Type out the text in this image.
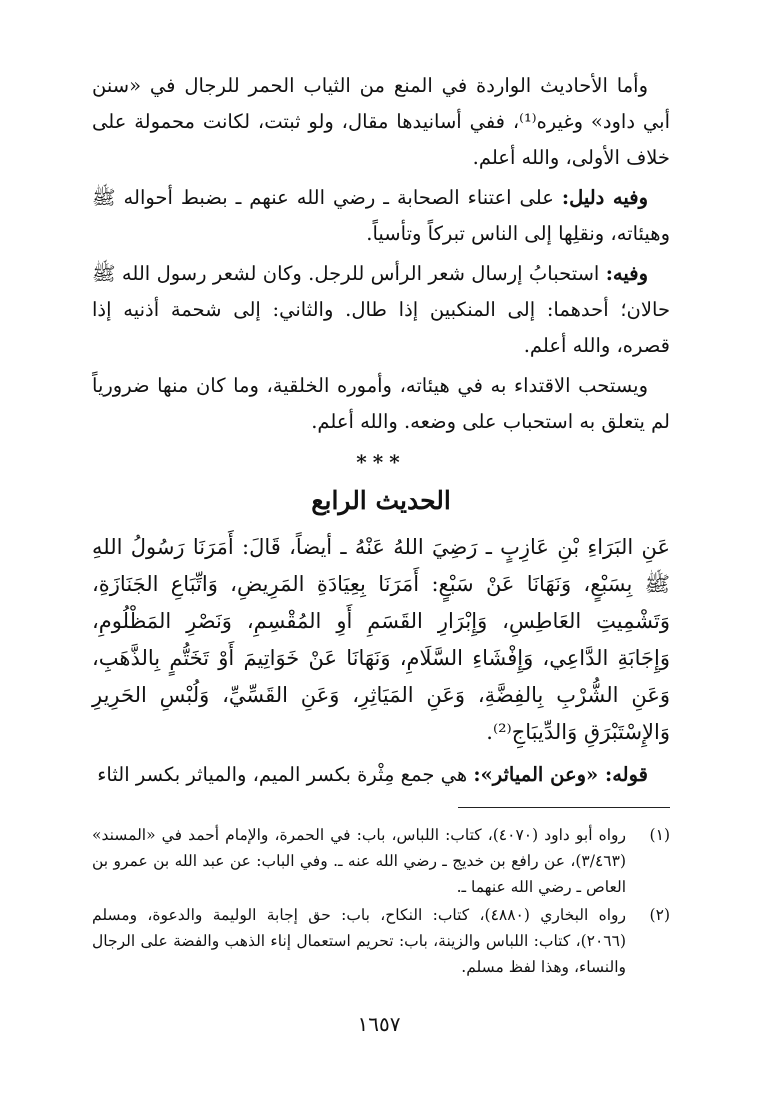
وأما الأحاديث الواردة في المنع من الثياب الحمر للرجال في «سنن أبي داود» وغيره⁽¹⁾، ففي أسانيدها مقال، ولو ثبتت، لكانت محمولة على خلاف الأولى، والله أعلم.

وفيه دليل: على اعتناء الصحابة ـ رضي الله عنهم ـ بضبط أحواله ﷺ وهيئاته، ونقلِها إلى الناس تبركاً وتأسياً.

وفيه: استحبابُ إرسال شعر الرأس للرجل. وكان لشعر رسول الله ﷺ حالان؛ أحدهما: إلى المنكبين إذا طال. والثاني: إلى شحمة أذنيه إذا قصره، والله أعلم.

ويستحب الاقتداء به في هيئاته، وأموره الخلقية، وما كان منها ضرورياً لم يتعلق به استحباب على وضعه. والله أعلم.

***
الحديث الرابع

عَنِ البَرَاءِ بْنِ عَازِبٍ ـ رَضِيَ اللهُ عَنْهُ ـ أيضاً، قَالَ: أَمَرَنَا رَسُولُ اللهِ ﷺ بِسَبْعٍ، وَنَهَانَا عَنْ سَبْعٍ: أَمَرَنَا بِعِيَادَةِ المَرِيضِ، وَاتِّبَاعِ الجَنَازَةِ، وَتَشْمِيتِ العَاطِسِ، وَإِبْرَارِ القَسَمِ أَوِ المُقْسِمِ، وَنَصْرِ المَظْلُومِ، وَإِجَابَةِ الدَّاعِي، وَإِفْشَاءِ السَّلَامِ، وَنَهَانَا عَنْ خَوَاتِيمَ أَوْ تَخَتُّمٍ بِالذَّهَبِ، وَعَنِ الشُّرْبِ بِالفِضَّةِ، وَعَنِ المَيَاثِرِ، وَعَنِ القَسِّيِّ، وَلُبْسِ الحَرِيرِ وَالإِسْتَبْرَقِ وَالدِّيبَاجِ⁽²⁾.

قوله: «وعن المياثر»: هي جمع مِثْرة بكسر الميم، والمياثر بكسر الثاء

(١)
رواه أبو داود (٤٠٧٠)، كتاب: اللباس، باب: في الحمرة، والإمام أحمد في «المسند» (٣/٤٦٣)، عن رافع بن خديج ـ رضي الله عنه ـ. وفي الباب: عن عبد الله بن عمرو بن العاص ـ رضي الله عنهما ـ.
(٢)
رواه البخاري (٤٨٨٠)، كتاب: النكاح، باب: حق إجابة الوليمة والدعوة، ومسلم (٢٠٦٦)، كتاب: اللباس والزينة، باب: تحريم استعمال إناء الذهب والفضة على الرجال والنساء، وهذا لفظ مسلم.
١٦٥٧
